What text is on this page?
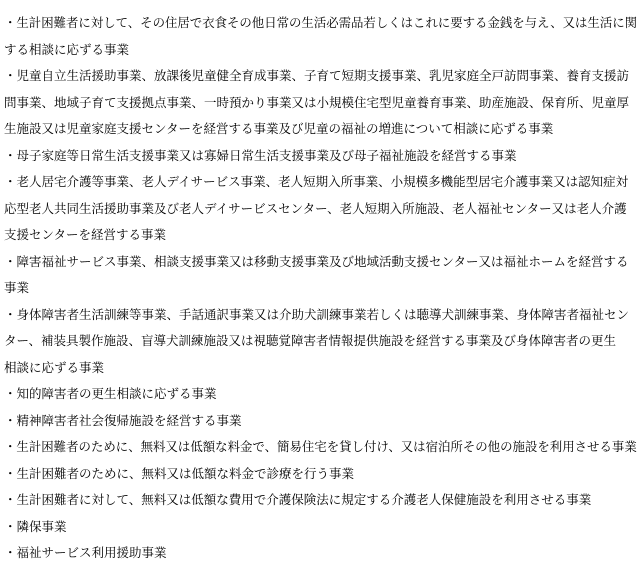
・生計困難者に対して、その住居で衣食その他日常の生活必需品若しくはこれに要する金銭を与え、又は生活に関
する相談に応ずる事業
・児童自立生活援助事業、放課後児童健全育成事業、子育て短期支援事業、乳児家庭全戸訪問事業、養育支援訪
問事業、地域子育て支援拠点事業、一時預かり事業又は小規模住宅型児童養育事業、助産施設、保育所、児童厚
生施設又は児童家庭支援センターを経営する事業及び児童の福祉の増進について相談に応ずる事業
・母子家庭等日常生活支援事業又は寡婦日常生活支援事業及び母子福祉施設を経営する事業
・老人居宅介護等事業、老人デイサービス事業、老人短期入所事業、小規模多機能型居宅介護事業又は認知症対
応型老人共同生活援助事業及び老人デイサービスセンター、老人短期入所施設、老人福祉センター又は老人介護
支援センターを経営する事業
・障害福祉サービス事業、相談支援事業又は移動支援事業及び地域活動支援センター又は福祉ホームを経営する
事業
・身体障害者生活訓練等事業、手話通訳事業又は介助犬訓練事業若しくは聴導犬訓練事業、身体障害者福祉セン
ター、補装具製作施設、盲導犬訓練施設又は視聴覚障害者情報提供施設を経営する事業及び身体障害者の更生
相談に応ずる事業
・知的障害者の更生相談に応ずる事業
・精神障害者社会復帰施設を経営する事業
・生計困難者のために、無料又は低額な料金で、簡易住宅を貸し付け、又は宿泊所その他の施設を利用させる事業
・生計困難者のために、無料又は低額な料金で診療を行う事業
・生計困難者に対して、無料又は低額な費用で介護保険法に規定する介護老人保健施設を利用させる事業
・隣保事業
・福祉サービス利用援助事業
